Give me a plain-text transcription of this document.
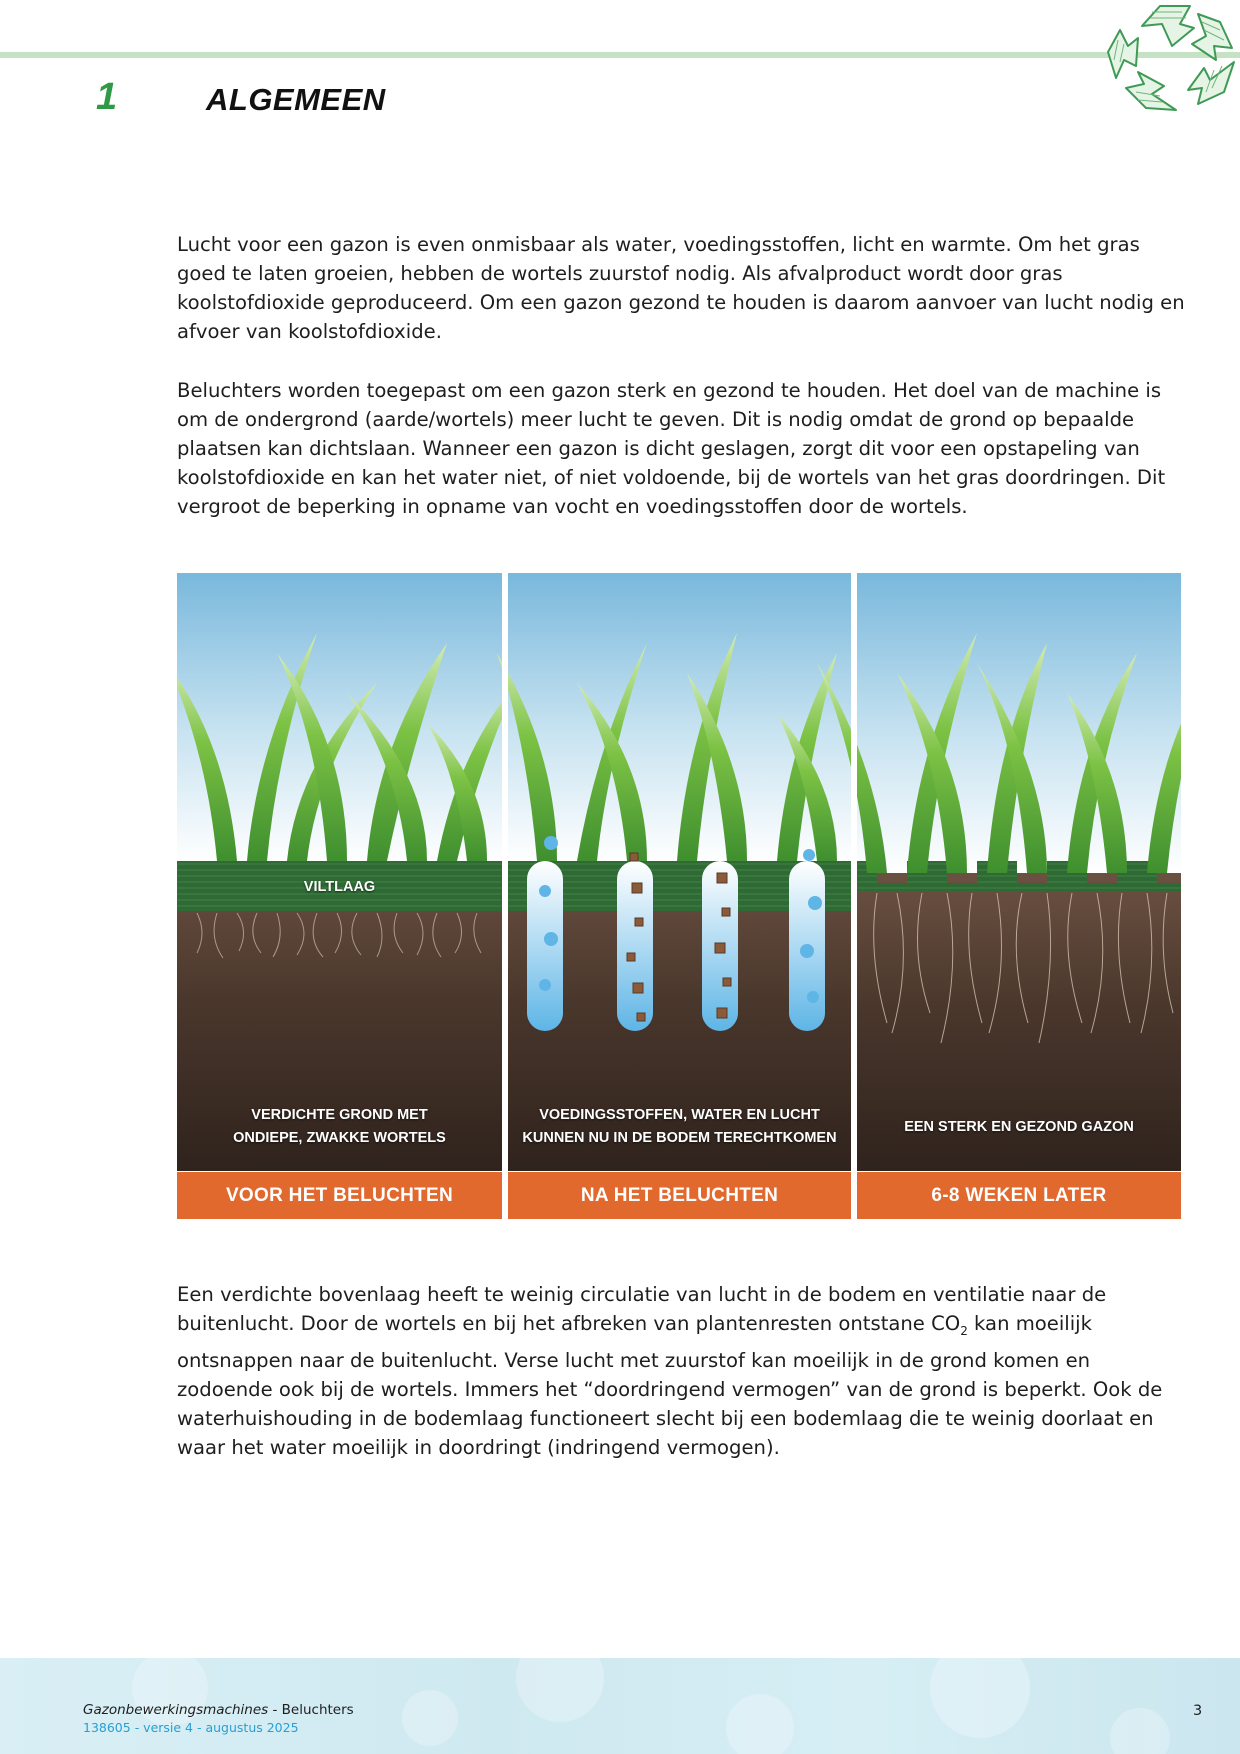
1	ALGEMEEN

Lucht voor een gazon is even onmisbaar als water, voedingsstoffen, licht en warmte. Om het gras goed te laten groeien, hebben de wortels zuurstof nodig. Als afvalproduct wordt door gras koolstofdioxide geproduceerd. Om een gazon gezond te houden is daarom aanvoer van lucht nodig en afvoer van koolstofdioxide.

Beluchters worden toegepast om een gazon sterk en gezond te houden. Het doel van de machine is om de ondergrond (aarde/wortels) meer lucht te geven. Dit is nodig omdat de grond op bepaalde plaatsen kan dichtslaan. Wanneer een gazon is dicht geslagen, zorgt dit voor een opstapeling van koolstofdioxide en kan het water niet, of niet voldoende, bij de wortels van het gras doordringen. Dit vergroot de beperking in opname van vocht en voedingsstoffen door de wortels.

VILTLAAG
VERDICHTE GROND MET
ONDIEPE, ZWAKKE WORTELS
VOEDINGSSTOFFEN, WATER EN LUCHT
KUNNEN NU IN DE BODEM TERECHTKOMEN
EEN STERK EN GEZOND GAZON
VOOR HET BELUCHTEN	NA HET BELUCHTEN	6-8 WEKEN LATER

Een verdichte bovenlaag heeft te weinig circulatie van lucht in de bodem en ventilatie naar de buitenlucht. Door de wortels en bij het afbreken van plantenresten ontstane $CO_2$ kan moeilijk ontsnappen naar de buitenlucht. Verse lucht met zuurstof kan moeilijk in de grond komen en zodoende ook bij de wortels. Immers het “doordringend vermogen” van de grond is beperkt. Ook de waterhuishouding in de bodemlaag functioneert slecht bij een bodemlaag die te weinig doorlaat en waar het water moeilijk in doordringt (indringend vermogen).

Gazonbewerkingsmachines - Beluchters
138605 - versie 4 - augustus 2025
3
